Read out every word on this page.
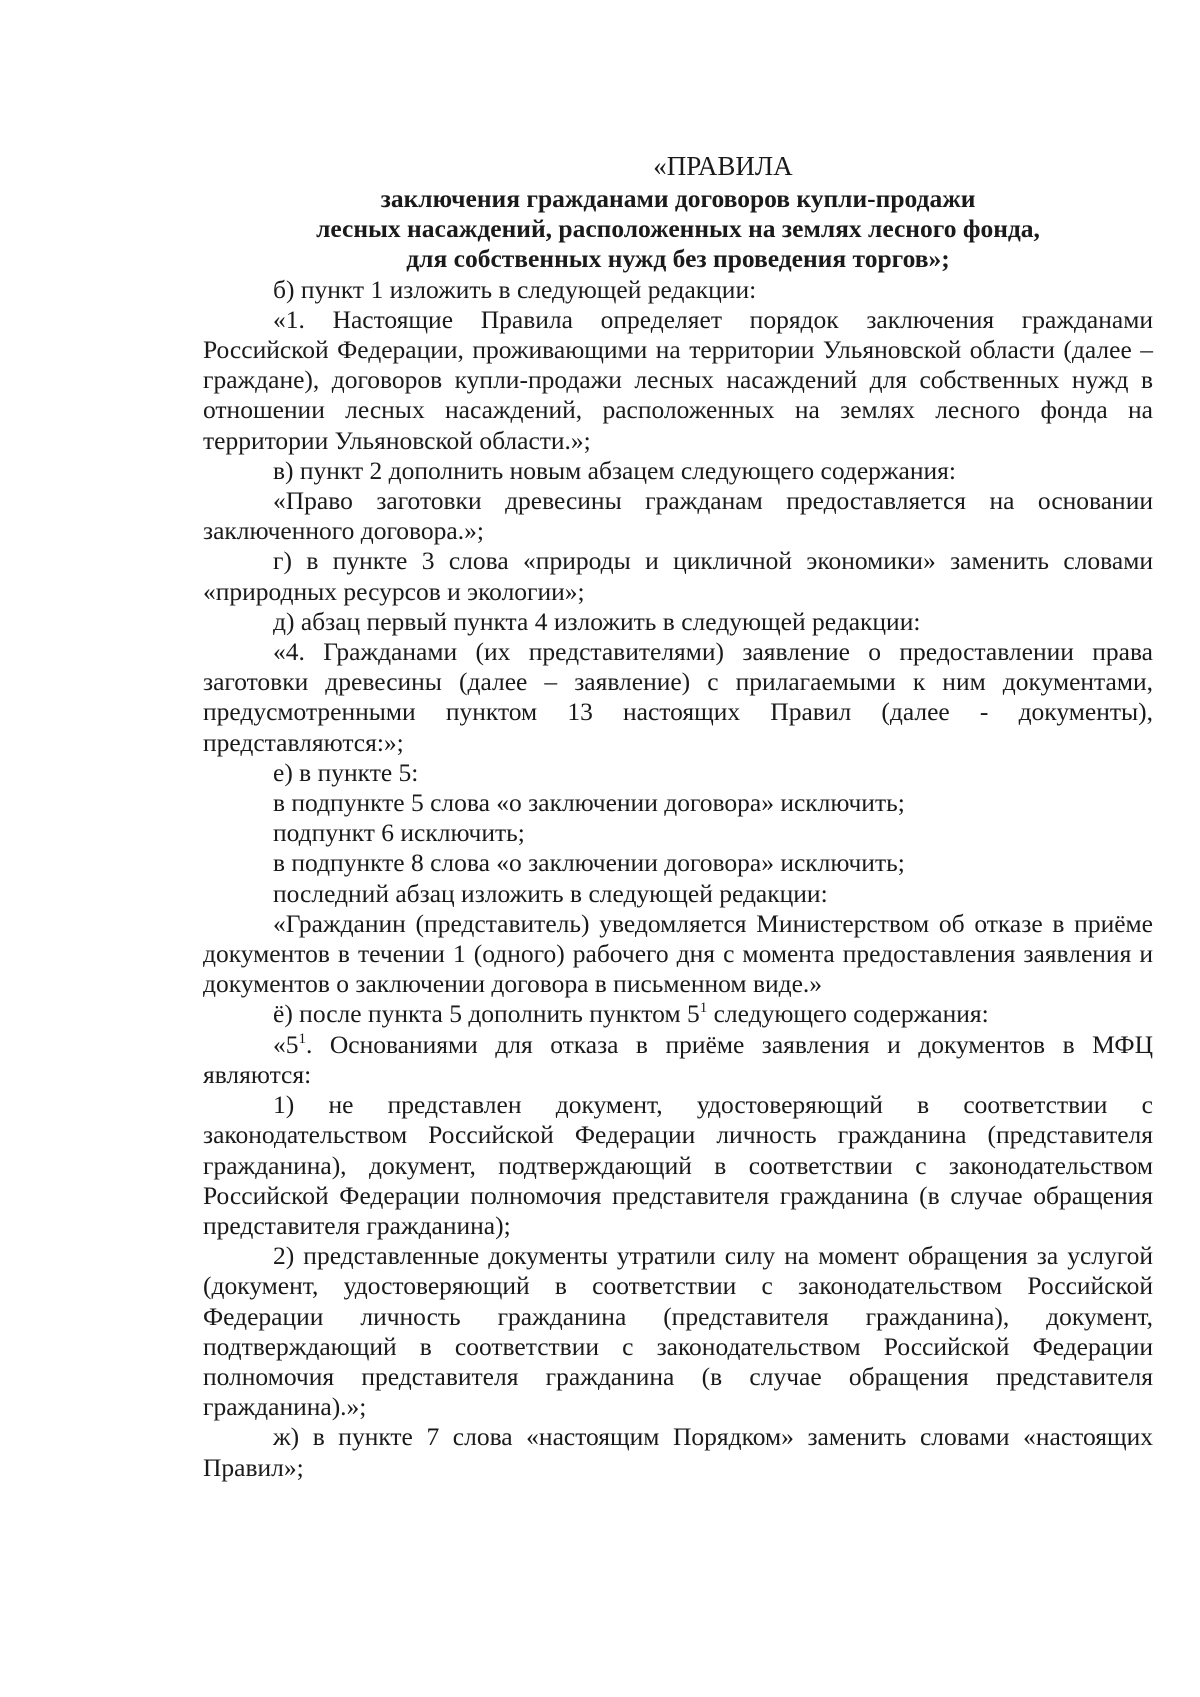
«ПРАВИЛА

заключения гражданами договоров купли-продажи
лесных насаждений, расположенных на землях лесного фонда,
для собственных нужд без проведения торгов»;

б) пункт 1 изложить в следующей редакции:

«1. Настоящие Правила определяет порядок заключения гражданами Российской Федерации, проживающими на территории Ульяновской области (далее – граждане), договоров купли-продажи лесных насаждений для собственных нужд в отношении лесных насаждений, расположенных на землях лесного фонда на территории Ульяновской области.»;

в) пункт 2 дополнить новым абзацем следующего содержания:

«Право заготовки древесины гражданам предоставляется на основании заключенного договора.»;

г) в пункте 3 слова «природы и цикличной экономики» заменить словами «природных ресурсов и экологии»;

д) абзац первый пункта 4 изложить в следующей редакции:

«4. Гражданами (их представителями) заявление о предоставлении права заготовки древесины (далее – заявление) с прилагаемыми к ним документами, предусмотренными пунктом 13 настоящих Правил (далее - документы), представляются:»;

е) в пункте 5:

в подпункте 5 слова «о заключении договора» исключить;

подпункт 6 исключить;

в подпункте 8 слова «о заключении договора» исключить;

последний абзац изложить в следующей редакции:

«Гражданин (представитель) уведомляется Министерством об отказе в приёме документов в течении 1 (одного) рабочего дня с момента предоставления заявления и документов о заключении договора в письменном виде.»

ё) после пункта 5 дополнить пунктом $5^1$ следующего содержания:

«$5^1$. Основаниями для отказа в приёме заявления и документов в МФЦ являются:

1) не представлен документ, удостоверяющий в соответствии с законодательством Российской Федерации личность гражданина (представителя гражданина), документ, подтверждающий в соответствии с законодательством Российской Федерации полномочия представителя гражданина (в случае обращения представителя гражданина);

2) представленные документы утратили силу на момент обращения за услугой (документ, удостоверяющий в соответствии с законодательством Российской Федерации личность гражданина (представителя гражданина), документ, подтверждающий в соответствии с законодательством Российской Федерации полномочия представителя гражданина (в случае обращения представителя гражданина).»;

ж) в пункте 7 слова «настоящим Порядком» заменить словами «настоящих Правил»;
